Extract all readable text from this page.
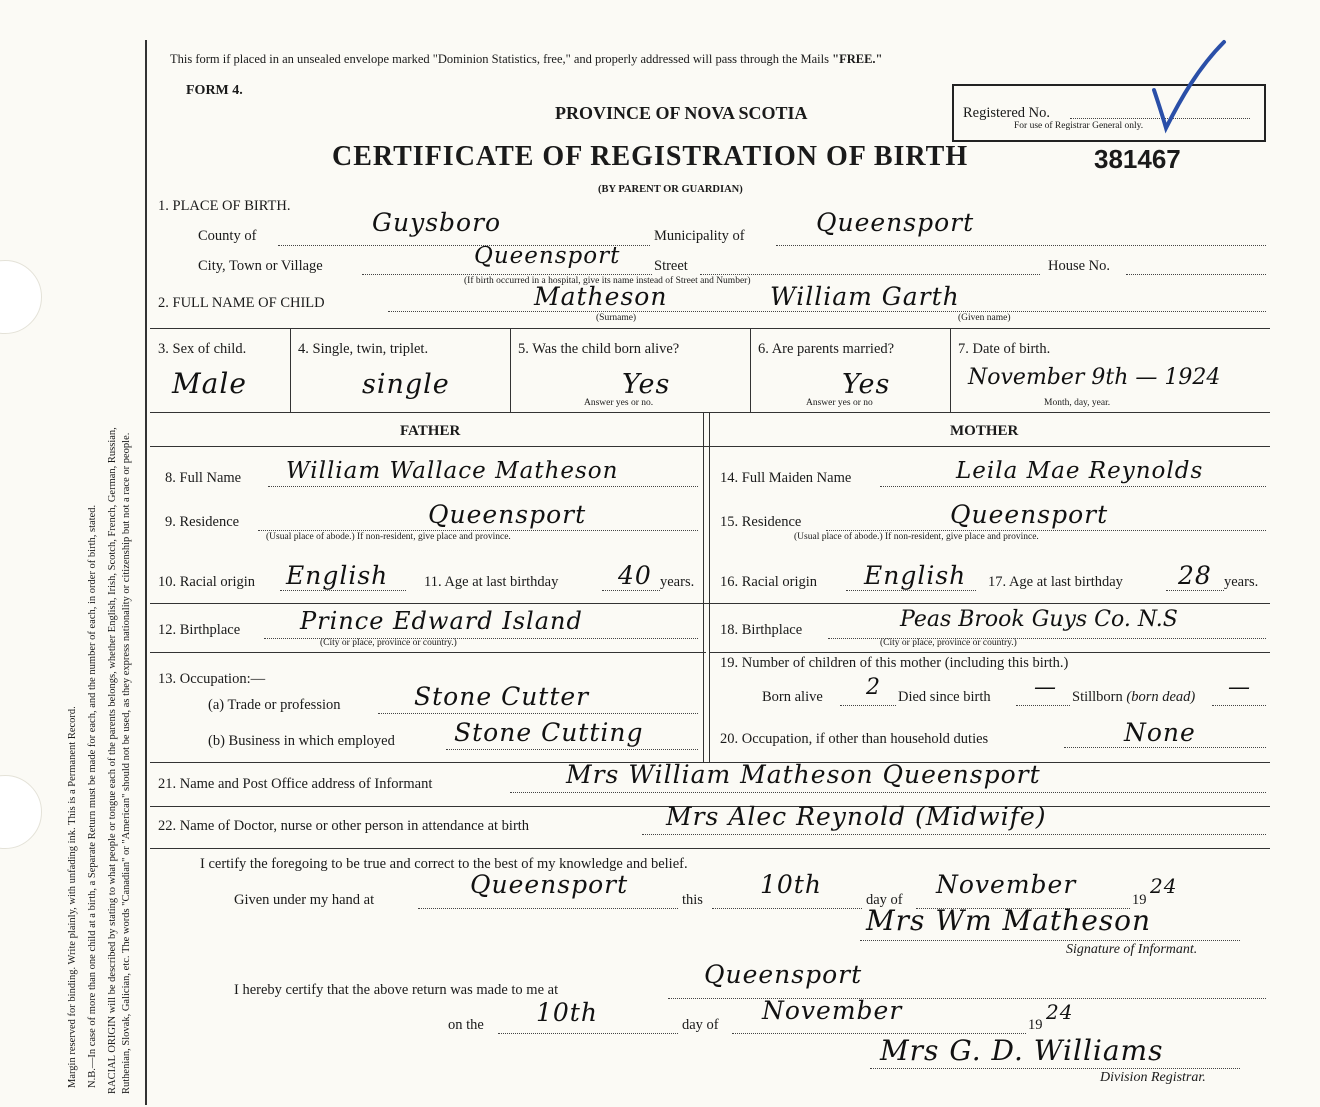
Margin reserved for binding. Write plainly, with unfading ink. This is a Permanent Record. N.B.—In case of more than one child at a birth, a Separate Return must be made for each, and the number of each, in order of birth, stated. RACIAL ORIGIN will be described by stating to what people or tongue each of the parents belongs, whether English, Irish, Scotch, French, German, Russian, Ruthenian, Slovak, Galician, etc. The words "Canadian" or "American" should not be used, as they express nationality or citizenship but not a race or people.
This form if placed in an unsealed envelope marked "Dominion Statistics, free," and properly addressed will pass through the Mails "FREE."
FORM 4.
PROVINCE OF NOVA SCOTIA
CERTIFICATE OF REGISTRATION OF BIRTH	381467
(BY PARENT OR GUARDIAN)
Registered No.
For use of Registrar General only.
1. PLACE OF BIRTH.
County of	Guysboro	Municipality of	Queensport
City, Town or Village	Queensport Street	House No.
(If birth occurred in a hospital, give its name instead of Street and Number)
2. FULL NAME OF CHILD	Matheson	William Garth
(Surname)	(Given name)
3. Sex of child.
Male
4. Single, twin, triplet.
single
5. Was the child born alive?
Yes
Answer yes or no.
6. Are parents married?
Yes
Answer yes or no
7. Date of birth.
November 9th — 1924
Month, day, year.
FATHER	MOTHER
8. Full Name William Wallace Matheson
9. Residence	Queensport
(Usual place of abode.) If non-resident, give place and province.
10. Racial origin English 11. Age at last birthday 40 years.
12. Birthplace Prince Edward Island
(City or place, province or country.)
13. Occupation:—
(a) Trade or profession	Stone Cutter
(b) Business in which employed Stone Cutting
14. Full Maiden Name	Leila Mae Reynolds
15. Residence	Queensport
(Usual place of abode.) If non-resident, give place and province.
16. Racial origin English 17. Age at last birthday 28 years.
18. Birthplace	Peas Brook Guys Co. N.S
(City or place, province or country.)
19. Number of children of this mother (including this birth.)
Born alive 2 Died since birth — Stillborn (born dead) —
20. Occupation, if other than household duties	None
21. Name and Post Office address of Informant	Mrs William Matheson Queensport
22. Name of Doctor, nurse or other person in attendance at birth	Mrs Alec Reynold (Midwife)
I certify the foregoing to be true and correct to the best of my knowledge and belief.
Given under my hand at
Queensport
this
10th
day of
November
19
24
Mrs Wm Matheson
Signature of Informant.
I hereby certify that the above return was made to me at
Queensport
on the 10th	day of November	19
24
Mrs G. D. Williams
Division Registrar.
